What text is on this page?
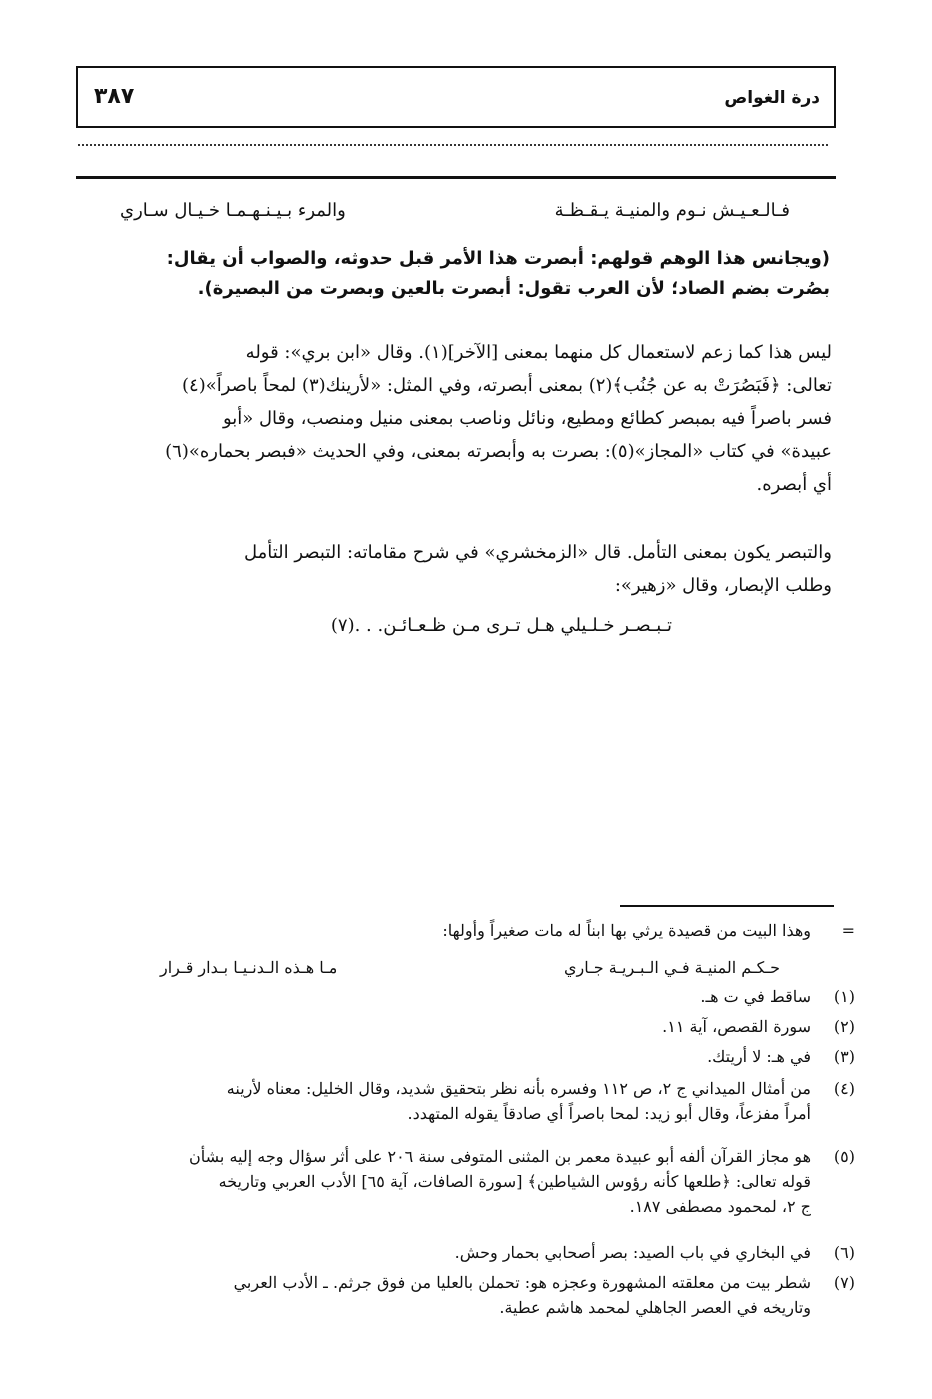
درة الغواص
٣٨٧
فـالـعـيـش نـوم والمنيـة يـقـظـة
والمرء بـيـنـهـمـا خـيـال سـاري
(ويجانس هذا الوهم قولهم: أبصرت هذا الأمر قبل حدوثه، والصواب أن يقال:
بصُرت بضم الصاد؛ لأن العرب تقول: أبصرت بالعين وبصرت من البصيرة).
ليس هذا كما زعم لاستعمال كل منهما بمعنى [الآخر](١). وقال «ابن بري»: قوله
تعالى: ﴿فَبَصُرَتْ به عن جُنُب﴾(٢) بمعنى أبصرته، وفي المثل: «لأرينك(٣) لمحاً باصراً»(٤)
فسر باصراً فيه بمبصر كطائع ومطيع، ونائل وناصب بمعنى منيل ومنصب، وقال «أبو
عبيدة» في كتاب «المجاز»(٥): بصرت به وأبصرته بمعنى، وفي الحديث «فبصر بحماره»(٦)
أي أبصره.
والتبصر يكون بمعنى التأمل. قال «الزمخشري» في شرح مقاماته: التبصر التأمل
وطلب الإبصار، وقال «زهير»:
تـبـصـر خـلـيلي هـل تـرى مـن ظـعـائـن. . .(٧)
=
وهذا البيت من قصيدة يرثي بها ابناً له مات صغيراً وأولها:
حـكـم المنيـة فـي الـبـريـة جـاري
مـا هـذه الـدنـيـا بـدار قـرار
(١)
ساقط في ت هـ.
(٢)
سورة القصص، آية ١١.
(٣)
في هـ: لا أريتك.
(٤)
من أمثال الميداني ج ٢، ص ١١٢ وفسره بأنه نظر بتحقيق شديد، وقال الخليل: معناه لأرينه
أمراً مفزعاً، وقال أبو زيد: لمحا باصراً أي صادقاً يقوله المتهدد.
(٥)
هو مجاز القرآن ألفه أبو عبيدة معمر بن المثنى المتوفى سنة ٢٠٦ على أثر سؤال وجه إليه بشأن
قوله تعالى: ﴿طلعها كأنه رؤوس الشياطين﴾ [سورة الصافات، آية ٦٥] الأدب العربي وتاريخه
ج ٢، لمحمود مصطفى ١٨٧.
(٦)
في البخاري في باب الصيد: بصر أصحابي بحمار وحش.
(٧)
شطر بيت من معلقته المشهورة وعجزه هو: تحملن بالعليا من فوق جرثم. ـ الأدب العربي
وتاريخه في العصر الجاهلي لمحمد هاشم عطية.
